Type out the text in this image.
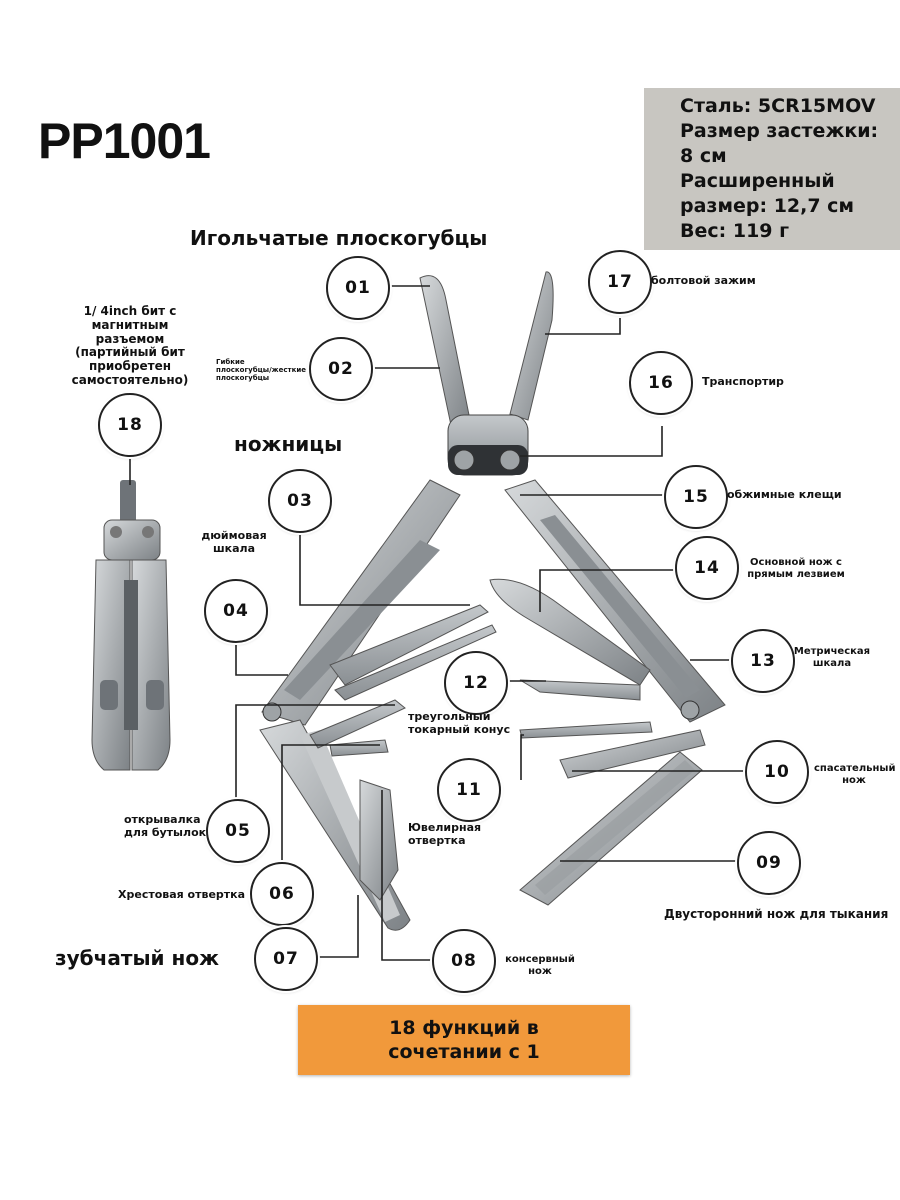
PP1001
Сталь: 5CR15MOV
Размер застежки:
8 см
Расширенный
размер: 12,7 см
Вес: 119 г
Игольчатые плоскогубцы
ножницы
зубчатый нож
1/ 4inch бит с
магнитным
разъемом
(партийный бит
приобретен
самостоятельно)
01
02
03
04
05
06
07	08
09
10
11
12
13
14
15
16
17
18
Гибкие
плоскогубцы/жесткие
плоскогубцы
дюймовая
шкала
открывалка
для бутылок
Хрестовая отвертка
консервный
нож
Двусторонний нож для тыкания
спасательный
нож
Ювелирная
отвертка
треугольный
токарный конус
Метрическая
шкала
Основной нож с
прямым лезвием
обжимные клещи
Транспортир
болтовой зажим
18 функций в
сочетании с 1
